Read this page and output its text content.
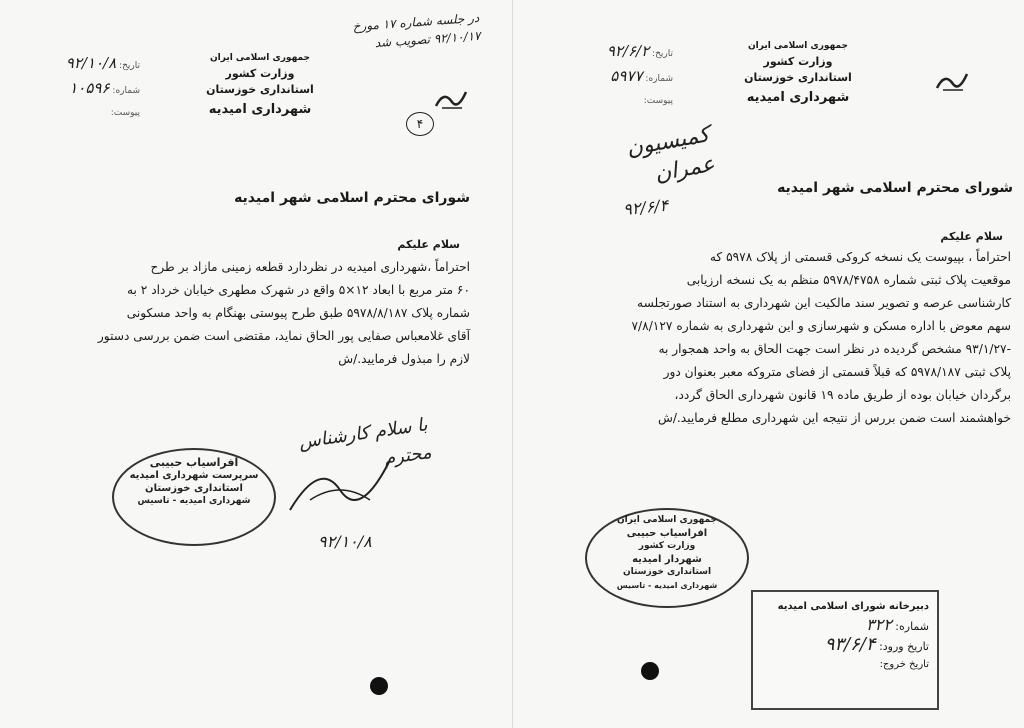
تاریخ: ۹۲/۱۰/۸
شماره: ۱۰۵۹۶
پیوست:
جمهوری اسلامی ایران
وزارت کشور
استانداری خوزستان
شهرداری امیدیه
در جلسه شماره ۱۷ مورخ ۹۲/۱۰/۱۷ تصویب شد
۴
شورای محترم اسلامی شهر امیدیه
سلام علیکم

احتراماً ،شهرداری امیدیه در نظردارد قطعه زمینی مازاد بر طرح

۶۰ متر مربع با ابعاد ۱۲×۵ واقع در شهرک مطهری خیابان خرداد ۲ به

شماره پلاک ۵۹۷۸/۸/۱۸۷ طبق طرح پیوستی بهنگام به واحد مسکونی

آقای غلامعباس صفایی پور الحاق نماید، مقتضی است ضمن بررسی دستور

لازم را مبذول فرمایید./ش

با سلام کارشناس محترم
۹۲/۱۰/۸
افراسیاب حبیبی
سرپرست شهرداری امیدیه
استانداری خوزستان
شهرداری امیدیه - تاسیس
تاریخ: ۹۲/۶/۲
شماره: ۵۹۷۷
پیوست:
جمهوری اسلامی ایران
وزارت کشور
استانداری خوزستان
شهرداری امیدیه
کمیسیون عمران
۹۲/۶/۴
شورای محترم اسلامی شهر امیدیه
سلام علیکم

احتراماً ، بپیوست یک نسخه کروکی قسمتی از پلاک ۵۹۷۸ که

موقعیت پلاک ثبتی شماره ۵۹۷۸/۴۷۵۸ منظم به یک نسخه ارزیابی

کارشناسی عرصه و تصویر سند مالکیت این شهرداری به استناد صورتجلسه

سهم معوض با اداره مسکن و شهرسازی و این شهرداری به شماره ۷/۸/۱۲۷

-۹۳/۱/۲۷ مشخص گردیده در نظر است جهت الحاق به واحد همجوار به

پلاک ثبتی ۵۹۷۸/۱۸۷ که قبلاً قسمتی از فضای متروکه معبر بعنوان دور

برگردان خیابان بوده از طریق ماده ۱۹ قانون شهرداری الحاق گردد،

خواهشمند است ضمن بررس از نتیجه این شهرداری مطلع فرمایید./ش

جمهوری اسلامی ایران
افراسیاب حبیبی
وزارت کشور
شهردار امیدیه
استانداری خوزستان
شهرداری امیدیه - تاسیس
دبیرخانه شورای اسلامی امیدیه
شماره: ۳۲۲
تاریخ ورود: ۹۳/۶/۴
تاریخ خروج:
